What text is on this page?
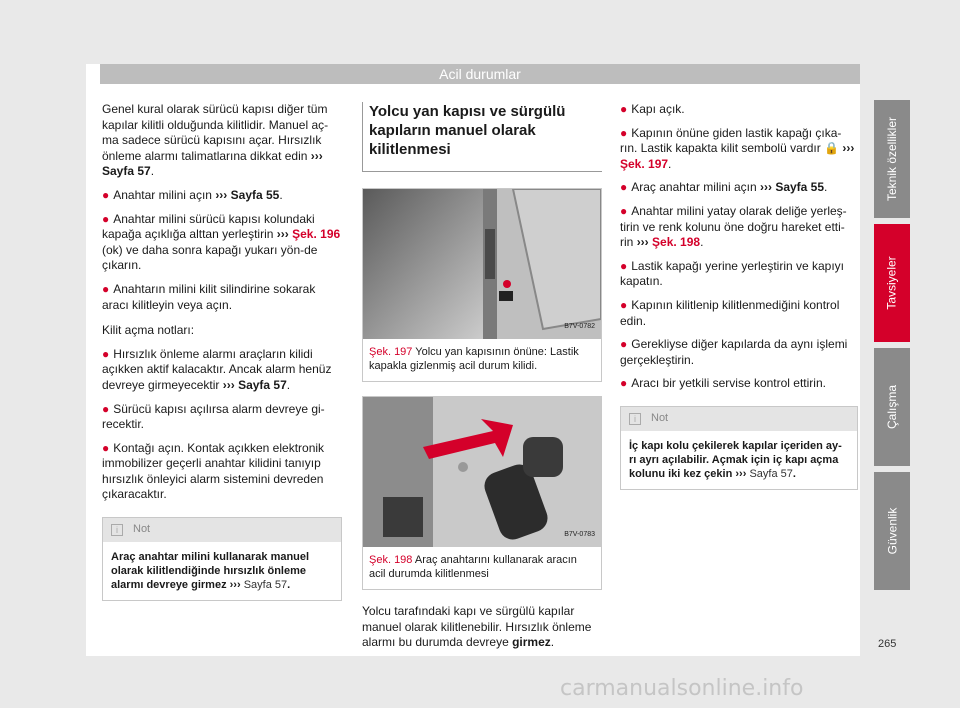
Acil durumlar

Genel kural olarak sürücü kapısı diğer tüm kapılar kilitli olduğunda kilitlidir. Manuel aç-ma sadece sürücü kapısını açar. Hırsızlık önleme alarmı talimatlarına dikkat edin ››› Sayfa 57.

● Anahtar milini açın ››› Sayfa 55.

● Anahtar milini sürücü kapısı kolundaki kapağa açıklığa alttan yerleştirin ››› Şek. 196 (ok) ve daha sonra kapağı yukarı yön-de çıkarın.

● Anahtarın milini kilit silindirine sokarak aracı kilitleyin veya açın.

Kilit açma notları:

● Hırsızlık önleme alarmı araçların kilidi açıkken aktif kalacaktır. Ancak alarm henüz devreye girmeyecektir ››› Sayfa 57.

● Sürücü kapısı açılırsa alarm devreye gi-recektir.

● Kontağı açın. Kontak açıkken elektronik immobilizer geçerli anahtar kilidini tanıyıp hırsızlık önleyici alarm sistemini devreden çıkaracaktır.

i	Not
Araç anahtar milini kullanarak manuel olarak kilitlendiğinde hırsızlık önleme alarmı devreye girmez ››› Sayfa 57.
Yolcu yan kapısı ve sürgülü kapıların manuel olarak kilitlenmesi
B7V-0782
Şek. 197 Yolcu yan kapısının önüne: Lastik kapakla gizlenmiş acil durum kilidi.
B7V-0783
Şek. 198 Araç anahtarını kullanarak aracın acil durumda kilitlenmesi

Yolcu tarafındaki kapı ve sürgülü kapılar manuel olarak kilitlenebilir. Hırsızlık önleme alarmı bu durumda devreye girmez.

● Kapı açık.

● Kapının önüne giden lastik kapağı çıka-rın. Lastik kapakta kilit sembolü vardır 🔒 ››› Şek. 197.

● Araç anahtar milini açın ››› Sayfa 55.

● Anahtar milini yatay olarak deliğe yerleş-tirin ve renk kolunu öne doğru hareket etti-rin ››› Şek. 198.

● Lastik kapağı yerine yerleştirin ve kapıyı kapatın.

● Kapının kilitlenip kilitlenmediğini kontrol edin.

● Gerekliyse diğer kapılarda da aynı işlemi gerçekleştirin.

● Aracı bir yetkili servise kontrol ettirin.

i	Not
İç kapı kolu çekilerek kapılar içeriden ay-rı ayrı açılabilir. Açmak için iç kapı açma kolunu iki kez çekin ››› Sayfa 57.
Teknik özellikler
Tavsiyeler
Çalışma
Güvenlik
265
carmanualsonline.info
